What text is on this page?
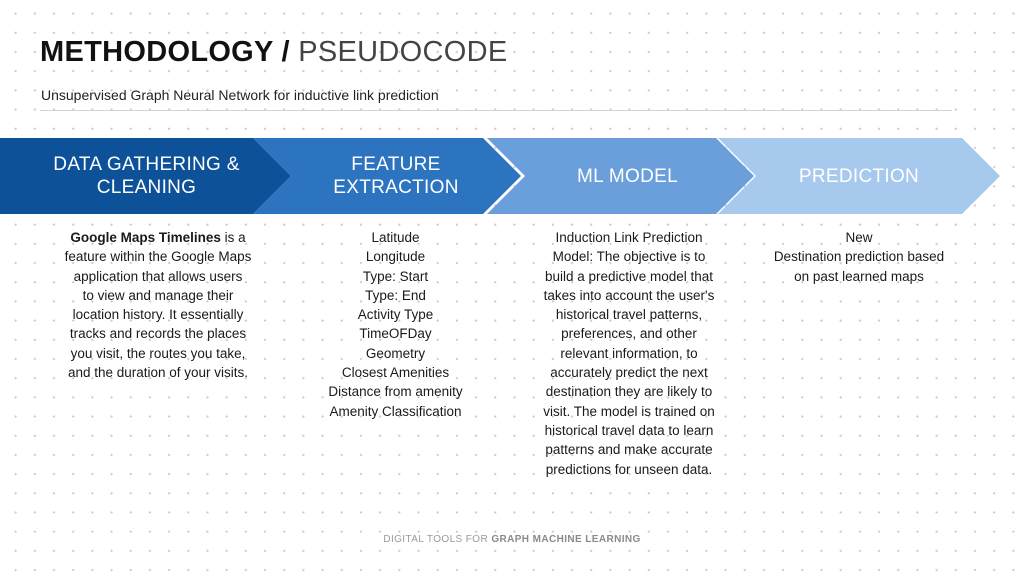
METHODOLOGY / PSEUDOCODE

Unsupervised Graph Neural Network for inductive link prediction

DATA GATHERING &
CLEANING
FEATURE
EXTRACTION
ML MODEL	PREDICTION
Google Maps Timelines is a
feature within the Google Maps
application that allows users
to view and manage their
location history. It essentially
tracks and records the places
you visit, the routes you take,
and the duration of your visits.
Latitude
Longitude
Type: Start
Type: End
Activity Type
TimeOFDay
Geometry
Closest Amenities
Distance from amenity
Amenity Classification
Induction Link Prediction
Model: The objective is to
build a predictive model that
takes into account the user's
historical travel patterns,
preferences, and other
relevant information, to
accurately predict the next
destination they are likely to
visit. The model is trained on
historical travel data to learn
patterns and make accurate
predictions for unseen data.
New
Destination prediction based
on past learned maps
DIGITAL TOOLS FOR GRAPH MACHINE LEARNING
